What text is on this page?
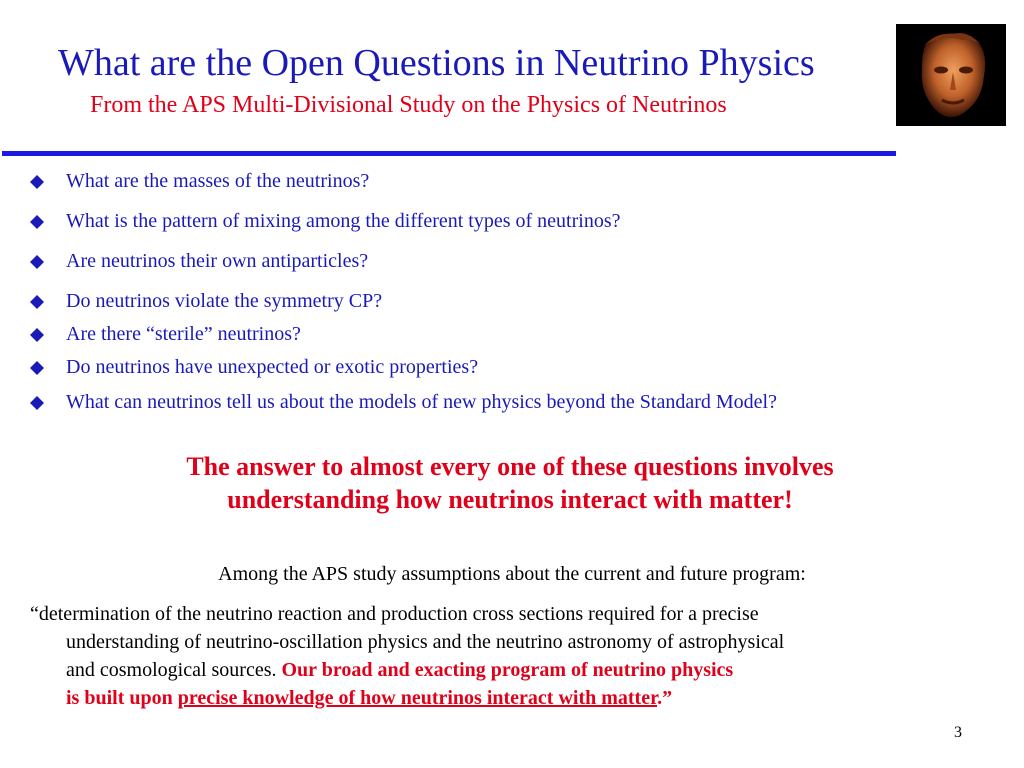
What are the Open Questions in Neutrino Physics
From the APS Multi-Divisional Study on the Physics of Neutrinos
What are the masses of the neutrinos?
What is the pattern of mixing among the different types of neutrinos?
Are neutrinos their own antiparticles?
Do neutrinos violate the symmetry CP?
Are there “sterile” neutrinos?
Do neutrinos have unexpected or exotic properties?
What can neutrinos tell us about the models of new physics beyond the Standard Model?
The answer to almost every one of these questions involves
understanding how neutrinos interact with matter!
Among the APS study assumptions about the current and future program:
“determination of the neutrino reaction and production cross sections required for a precise
understanding of neutrino-oscillation physics and the neutrino astronomy of astrophysical
and cosmological sources. Our broad and exacting program of neutrino physics
is built upon precise knowledge of how neutrinos interact with matter.”
3
